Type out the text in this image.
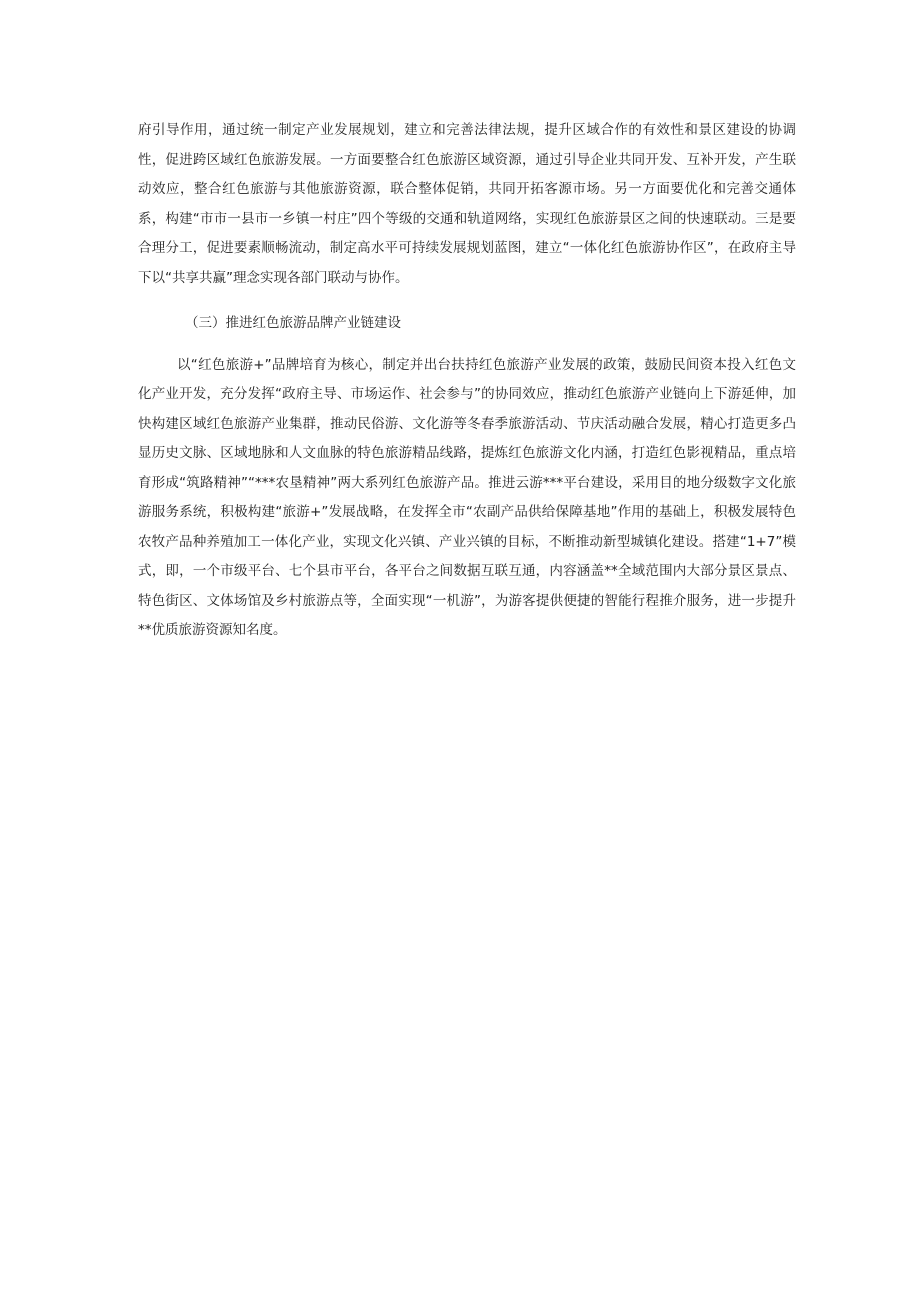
府引导作用，通过统一制定产业发展规划，建立和完善法律法规，提升区域合作的有效性和景区建设的协调性，促进跨区域红色旅游发展。一方面要整合红色旅游区域资源，通过引导企业共同开发、互补开发，产生联动效应，整合红色旅游与其他旅游资源，联合整体促销，共同开拓客源市场。另一方面要优化和完善交通体系，构建“市市一县市一乡镇一村庄”四个等级的交通和轨道网络，实现红色旅游景区之间的快速联动。三是要合理分工，促进要素顺畅流动，制定高水平可持续发展规划蓝图，建立“一体化红色旅游协作区”，在政府主导下以“共享共赢”理念实现各部门联动与协作。

（三）推进红色旅游品牌产业链建设

以“红色旅游+”品牌培育为核心，制定并出台扶持红色旅游产业发展的政策，鼓励民间资本投入红色文化产业开发，充分发挥“政府主导、市场运作、社会参与”的协同效应，推动红色旅游产业链向上下游延伸，加快构建区域红色旅游产业集群，推动民俗游、文化游等冬春季旅游活动、节庆活动融合发展，精心打造更多凸显历史文脉、区域地脉和人文血脉的特色旅游精品线路，提炼红色旅游文化内涵，打造红色影视精品，重点培育形成“筑路精神”“***农垦精神”两大系列红色旅游产品。推进云游***平台建设，采用目的地分级数字文化旅游服务系统，积极构建“旅游+”发展战略，在发挥全市“农副产品供给保障基地”作用的基础上，积极发展特色农牧产品种养殖加工一体化产业，实现文化兴镇、产业兴镇的目标，不断推动新型城镇化建设。搭建“1+7”模式，即，一个市级平台、七个县市平台，各平台之间数据互联互通，内容涵盖**全域范围内大部分景区景点、特色街区、文体场馆及乡村旅游点等，全面实现“一机游”，为游客提供便捷的智能行程推介服务，进一步提升**优质旅游资源知名度。
